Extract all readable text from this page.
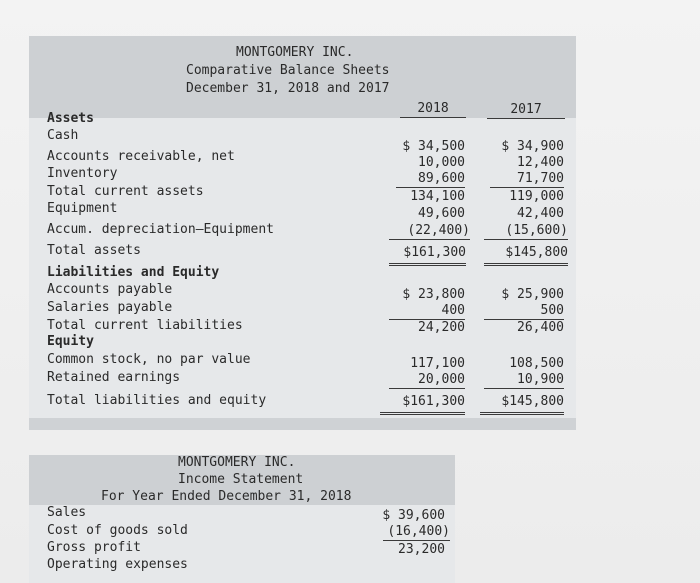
MONTGOMERY INC.
Comparative Balance Sheets
December 31, 2018 and 2017
2018	2017
Assets
Cash
Accounts receivable, net
Inventory
Total current assets
Equipment
Accum. depreciation—Equipment
Total assets
Liabilities and Equity
Accounts payable
Salaries payable
Total current liabilities
Equity
Common stock, no par value
Retained earnings
Total liabilities and equity
$ 34,500
10,000
89,600
134,100
49,600
(22,400)
$161,300
$ 23,800
400
24,200
117,100
20,000
$161,300
$ 34,900
12,400
71,700
119,000
42,400
(15,600)
$145,800
$ 25,900
500
26,400
108,500
10,900
$145,800
MONTGOMERY INC.
Income Statement
For Year Ended December 31, 2018
Sales
Cost of goods sold
Gross profit
Operating expenses
$ 39,600
(16,400)
23,200
